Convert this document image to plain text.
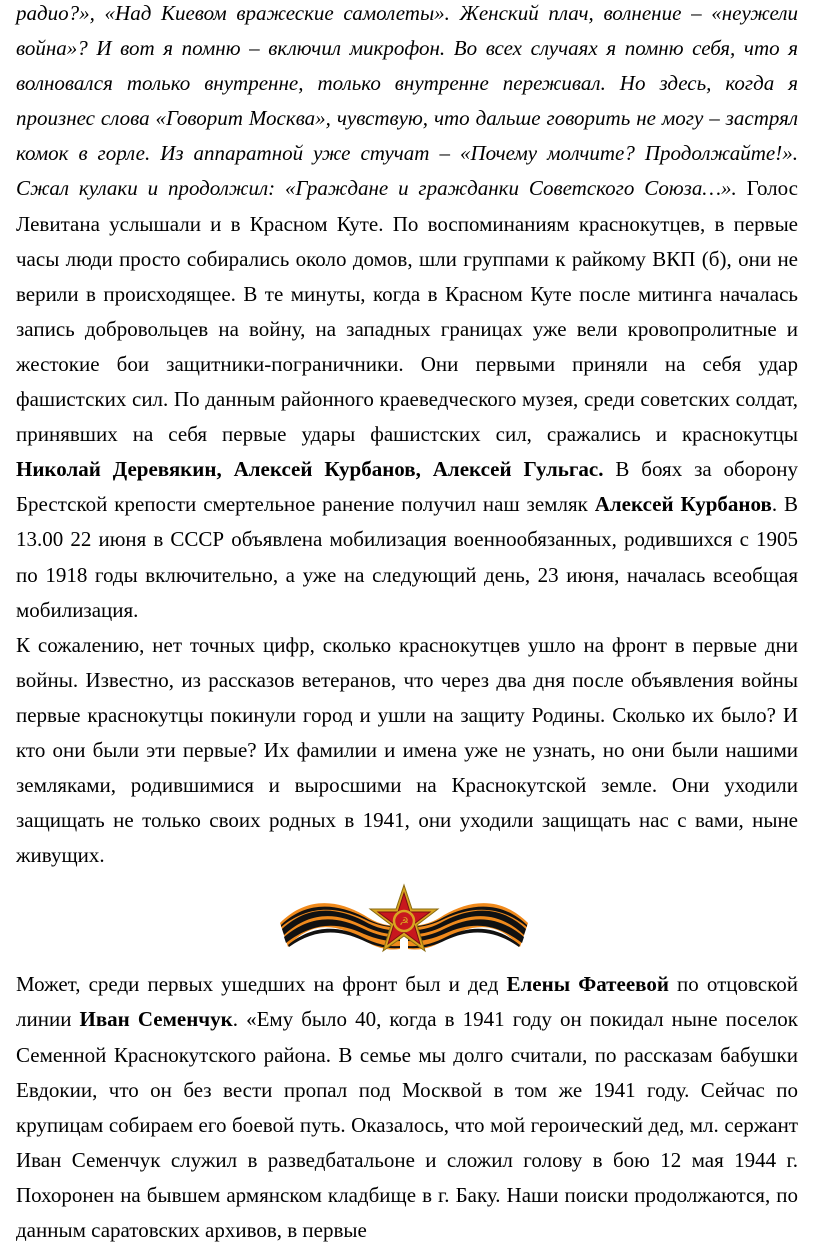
радио?», «Над Киевом вражеские самолеты». Женский плач, волнение – «неужели война»? И вот я помню – включил микрофон. Во всех случаях я помню себя, что я волновался только внутренне, только внутренне переживал. Но здесь, когда я произнес слова «Говорит Москва», чувствую, что дальше говорить не могу – застрял комок в горле. Из аппаратной уже стучат – «Почему молчите? Продолжайте!». Сжал кулаки и продолжил: «Граждане и гражданки Советского Союза…». Голос Левитана услышали и в Красном Куте. По воспоминаниям краснокутцев, в первые часы люди просто собирались около домов, шли группами к райкому ВКП (б), они не верили в происходящее. В те минуты, когда в Красном Куте после митинга началась запись добровольцев на войну, на западных границах уже вели кровопролитные и жестокие бои защитники-пограничники. Они первыми приняли на себя удар фашистских сил. По данным районного краеведческого музея, среди советских солдат, принявших на себя первые удары фашистских сил, сражались и краснокутцы Николай Деревякин, Алексей Курбанов, Алексей Гульгас. В боях за оборону Брестской крепости смертельное ранение получил наш земляк Алексей Курбанов. В 13.00 22 июня в СССР объявлена мобилизация военнообязанных, родившихся с 1905 по 1918 годы включительно, а уже на следующий день, 23 июня, началась всеобщая мобилизация.

К сожалению, нет точных цифр, сколько краснокутцев ушло на фронт в первые дни войны. Известно, из рассказов ветеранов, что через два дня после объявления войны первые краснокутцы покинули город и ушли на защиту Родины. Сколько их было? И кто они были эти первые? Их фамилии и имена уже не узнать, но они были нашими земляками, родившимися и выросшими на Краснокутской земле. Они уходили защищать не только своих родных в 1941, они уходили защищать нас с вами, ныне живущих.

☭

Может, среди первых ушедших на фронт был и дед Елены Фатеевой по отцовской линии Иван Семенчук. «Ему было 40, когда в 1941 году он покидал ныне поселок Семенной Краснокутского района. В семье мы долго считали, по рассказам бабушки Евдокии, что он без вести пропал под Москвой в том же 1941 году. Сейчас по крупицам собираем его боевой путь. Оказалось, что мой героический дед, мл. сержант Иван Семенчук служил в разведбатальоне и сложил голову в бою 12 мая 1944 г. Похоронен на бывшем армянском кладбище в г. Баку. Наши поиски продолжаются, по данным саратовских архивов, в первые
